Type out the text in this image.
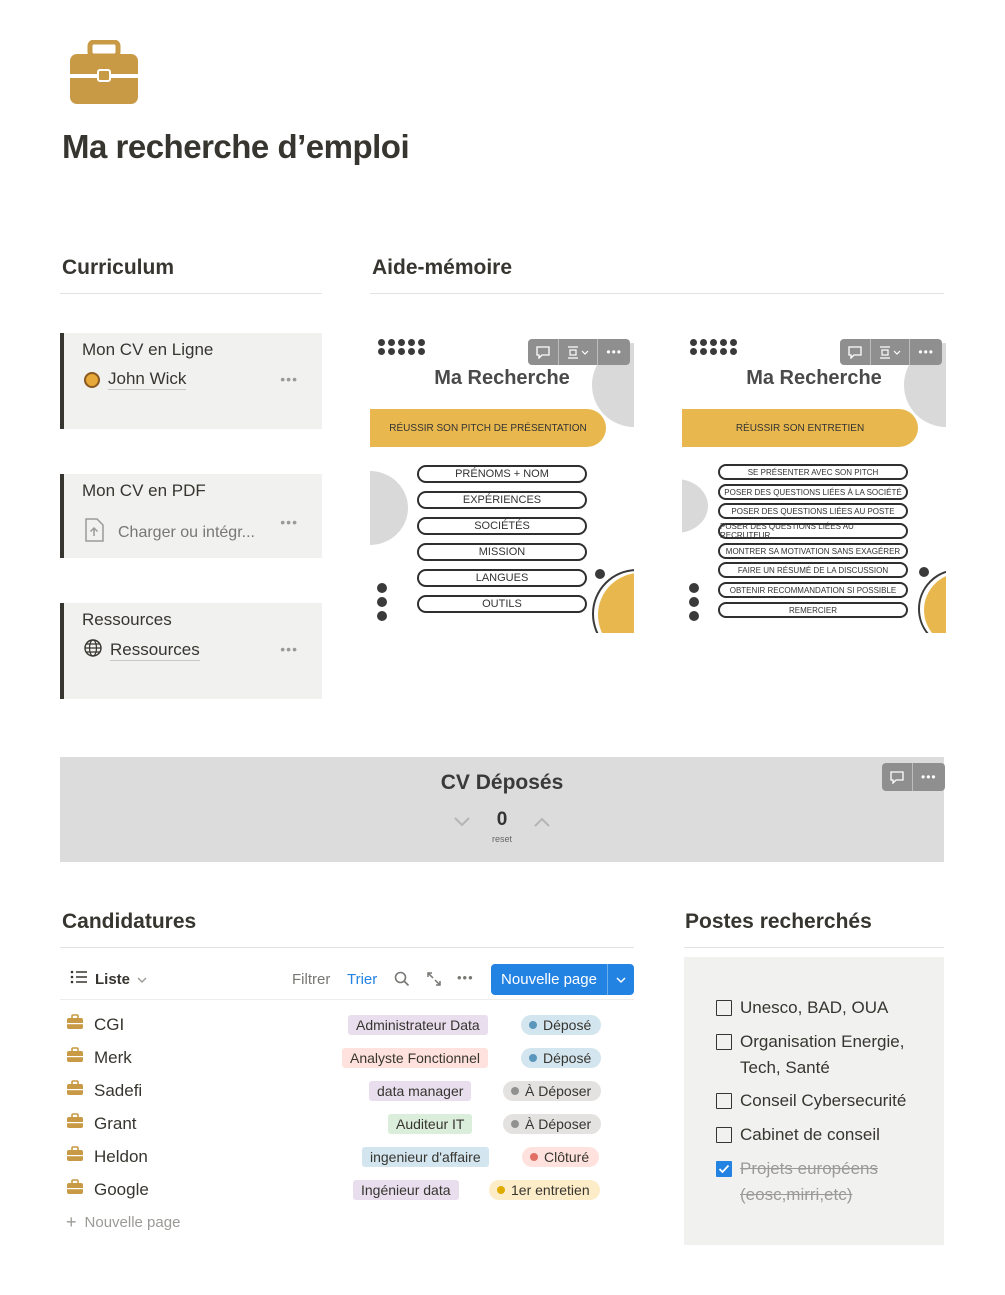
Ma recherche d’emploi
Curriculum
Mon CV en Ligne
John Wick	•••
Mon CV en PDF
Charger ou intégr...
•••
Ressources
Ressources	•••
Aide-mémoire
Ma Recherche
RÉUSSIR SON PITCH DE PRÉSENTATION
PRÉNOMS + NOM
EXPÉRIENCES
SOCIÉTÉS
MISSION
LANGUES
OUTILS
•••
Ma Recherche
RÉUSSIR SON ENTRETIEN
SE PRÉSENTER AVEC SON PITCH
POSER DES QUESTIONS LIÉES À LA SOCIÉTÉ
POSER DES QUESTIONS LIÉES AU POSTE
POSER DES QUESTIONS LIÉES AU RECRUTEUR
MONTRER SA MOTIVATION SANS EXAGÉRER
FAIRE UN RÉSUMÉ DE LA DISCUSSION
OBTENIR RECOMMANDATION SI POSSIBLE
REMERCIER
•••
CV Déposés
0
reset
•••
Candidatures
Liste	Filtrer Trier	•••	Nouvelle page
CGI	Administrateur Data	Déposé
Merk	Analyste Fonctionnel	Déposé
Sadefi	data manager	À Déposer
Grant	Auditeur IT	À Déposer
Heldon	ingenieur d'affaire	Clôturé
Google	Ingénieur data	1er entretien
+ Nouvelle page
Postes recherchés
Unesco, BAD, OUA
Organisation Energie, Tech, Santé
Conseil Cybersecurité
Cabinet de conseil
Projets européens (eosc,mirri,etc)
